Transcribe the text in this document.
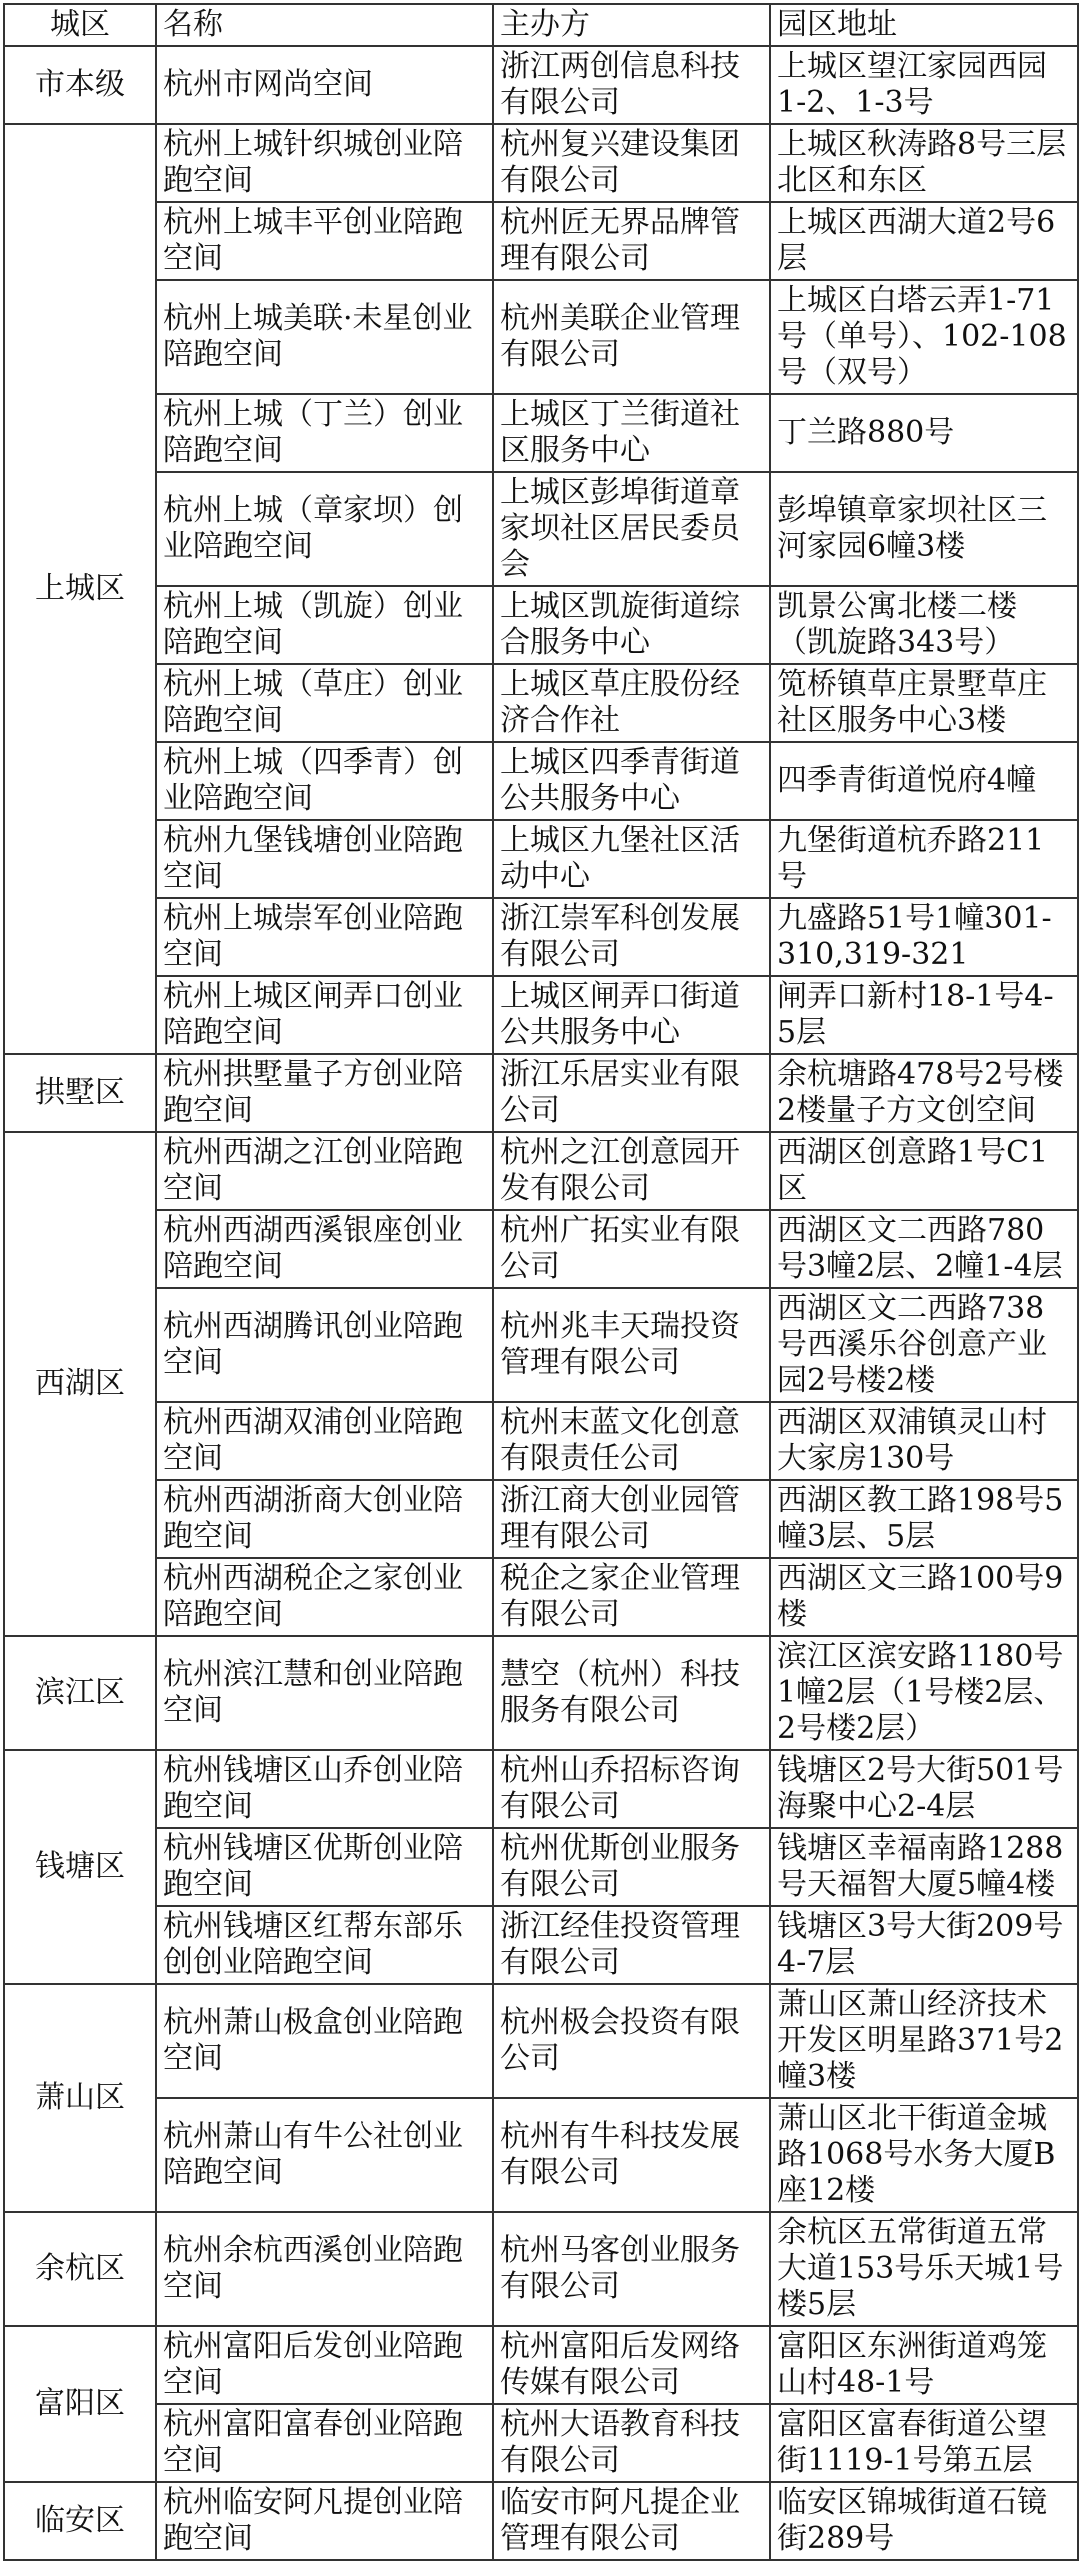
城区	名称	主办方	园区地址
市本级	杭州市网尚空间	浙江两创信息科技有限公司	上城区望江家园西园1-2、1-3号
上城区	杭州上城针织城创业陪跑空间	杭州复兴建设集团有限公司	上城区秋涛路8号三层北区和东区
	杭州上城丰平创业陪跑空间	杭州匠无界品牌管理有限公司	上城区西湖大道2号6层
	杭州上城美联·未星创业陪跑空间	杭州美联企业管理有限公司	上城区白塔云弄1-71号（单号）、102-108号（双号）
	杭州上城（丁兰）创业陪跑空间	上城区丁兰街道社区服务中心	丁兰路880号
	杭州上城（章家坝）创业陪跑空间	上城区彭埠街道章家坝社区居民委员会	彭埠镇章家坝社区三河家园6幢3楼
	杭州上城（凯旋）创业陪跑空间	上城区凯旋街道综合服务中心	凯景公寓北楼二楼（凯旋路343号）
	杭州上城（草庄）创业陪跑空间	上城区草庄股份经济合作社	笕桥镇草庄景墅草庄社区服务中心3楼
	杭州上城（四季青）创业陪跑空间	上城区四季青街道公共服务中心	四季青街道悦府4幢
	杭州九堡钱塘创业陪跑空间	上城区九堡社区活动中心	九堡街道杭乔路211号
	杭州上城崇军创业陪跑空间	浙江崇军科创发展有限公司	九盛路51号1幢301-310,319-321
	杭州上城区闸弄口创业陪跑空间	上城区闸弄口街道公共服务中心	闸弄口新村18-1号4-5层
拱墅区	杭州拱墅量子方创业陪跑空间	浙江乐居实业有限公司	余杭塘路478号2号楼2楼量子方文创空间
西湖区	杭州西湖之江创业陪跑空间	杭州之江创意园开发有限公司	西湖区创意路1号C1区
	杭州西湖西溪银座创业陪跑空间	杭州广拓实业有限公司	西湖区文二西路780号3幢2层、2幢1-4层
	杭州西湖腾讯创业陪跑空间	杭州兆丰天瑞投资管理有限公司	西湖区文二西路738号西溪乐谷创意产业园2号楼2楼
	杭州西湖双浦创业陪跑空间	杭州末蓝文化创意有限责任公司	西湖区双浦镇灵山村大家房130号
	杭州西湖浙商大创业陪跑空间	浙江商大创业园管理有限公司	西湖区教工路198号5幢3层、5层
	杭州西湖税企之家创业陪跑空间	税企之家企业管理有限公司	西湖区文三路100号9楼
滨江区	杭州滨江慧和创业陪跑空间	慧空（杭州）科技服务有限公司	滨江区滨安路1180号1幢2层（1号楼2层、2号楼2层）
钱塘区	杭州钱塘区山乔创业陪跑空间	杭州山乔招标咨询有限公司	钱塘区2号大街501号海聚中心2-4层
	杭州钱塘区优斯创业陪跑空间	杭州优斯创业服务有限公司	钱塘区幸福南路1288号天福智大厦5幢4楼
	杭州钱塘区红帮东部乐创创业陪跑空间	浙江经佳投资管理有限公司	钱塘区3号大街209号4-7层
萧山区	杭州萧山极盒创业陪跑空间	杭州极会投资有限公司	萧山区萧山经济技术开发区明星路371号2幢3楼
	杭州萧山有牛公社创业陪跑空间	杭州有牛科技发展有限公司	萧山区北干街道金城路1068号水务大厦B座12楼
余杭区	杭州余杭西溪创业陪跑空间	杭州马客创业服务有限公司	余杭区五常街道五常大道153号乐天城1号楼5层
富阳区	杭州富阳后发创业陪跑空间	杭州富阳后发网络传媒有限公司	富阳区东洲街道鸡笼山村48-1号
	杭州富阳富春创业陪跑空间	杭州大语教育科技有限公司	富阳区富春街道公望街1119-1号第五层
临安区	杭州临安阿凡提创业陪跑空间	临安市阿凡提企业管理有限公司	临安区锦城街道石镜街289号
